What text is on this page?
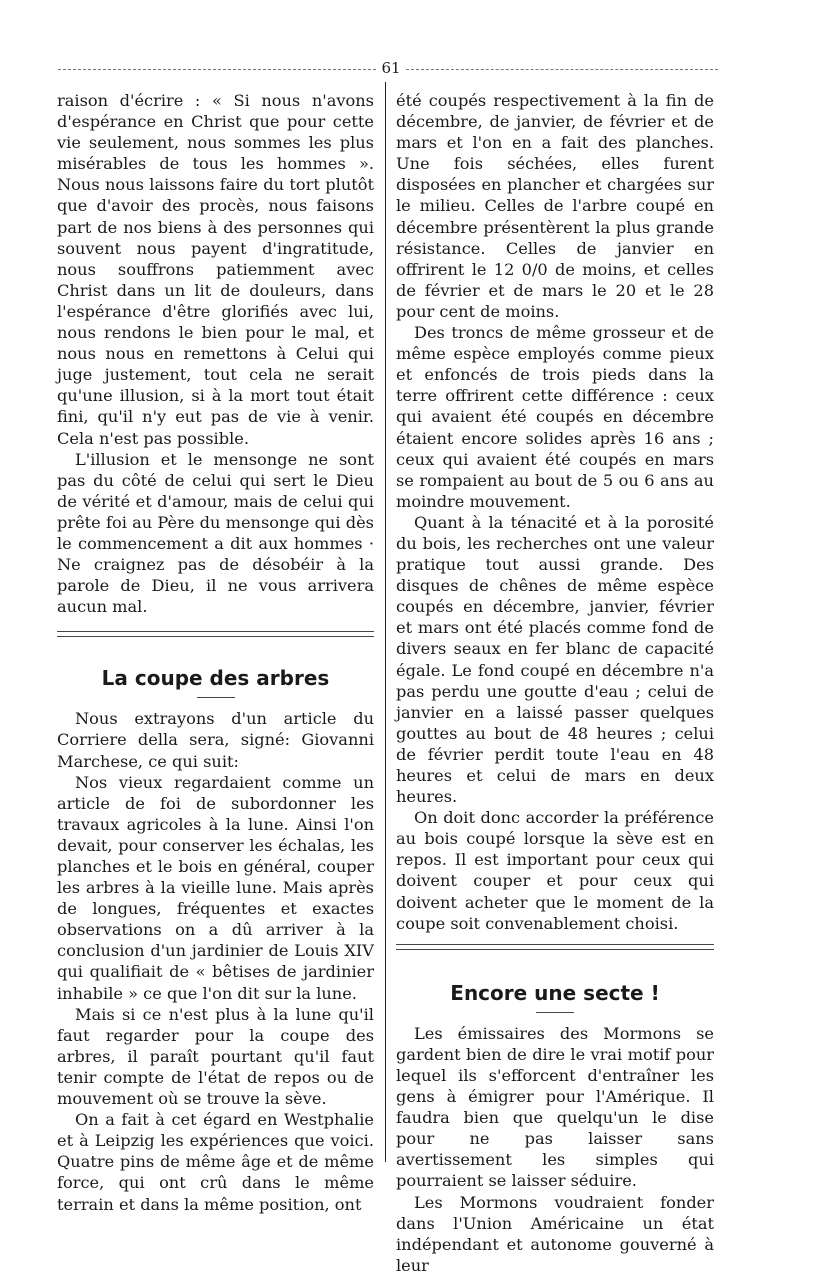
61

raison d'écrire : « Si nous n'avons d'espérance en Christ que pour cette vie seulement, nous sommes les plus misérables de tous les hommes ». Nous nous laissons faire du tort plutôt que d'avoir des procès, nous faisons part de nos biens à des personnes qui souvent nous payent d'ingratitude, nous souffrons patiemment avec Christ dans un lit de douleurs, dans l'espérance d'être glorifiés avec lui, nous rendons le bien pour le mal, et nous nous en remettons à Celui qui juge justement, tout cela ne serait qu'une illusion, si à la mort tout était fini, qu'il n'y eut pas de vie à venir. Cela n'est pas possible.

L'illusion et le mensonge ne sont pas du côté de celui qui sert le Dieu de vérité et d'amour, mais de celui qui prête foi au Père du mensonge qui dès le commencement a dit aux hommes · Ne craignez pas de désobéir à la parole de Dieu, il ne vous arrivera aucun mal.

La coupe des arbres

Nous extrayons d'un article du Corriere della sera, signé: Giovanni Marchese, ce qui suit:

Nos vieux regardaient comme un article de foi de subordonner les travaux agricoles à la lune. Ainsi l'on devait, pour conserver les échalas, les planches et le bois en général, couper les arbres à la vieille lune. Mais après de longues, fréquentes et exactes observations on a dû arriver à la conclusion d'un jardinier de Louis XIV qui qualifiait de « bêtises de jardinier inhabile » ce que l'on dit sur la lune.

Mais si ce n'est plus à la lune qu'il faut regarder pour la coupe des arbres, il paraît pourtant qu'il faut tenir compte de l'état de repos ou de mouvement où se trouve la sève.

On a fait à cet égard en Westphalie et à Leipzig les expériences que voici. Quatre pins de même âge et de même force, qui ont crû dans le même terrain et dans la même position, ont

été coupés respectivement à la fin de décembre, de janvier, de février et de mars et l'on en a fait des planches. Une fois séchées, elles furent disposées en plancher et chargées sur le milieu. Celles de l'arbre coupé en décembre présentèrent la plus grande résistance. Celles de janvier en offrirent le 12 0/0 de moins, et celles de février et de mars le 20 et le 28 pour cent de moins.

Des troncs de même grosseur et de même espèce employés comme pieux et enfoncés de trois pieds dans la terre offrirent cette différence : ceux qui avaient été coupés en décembre étaient encore solides après 16 ans ; ceux qui avaient été coupés en mars se rompaient au bout de 5 ou 6 ans au moindre mouvement.

Quant à la ténacité et à la porosité du bois, les recherches ont une valeur pratique tout aussi grande. Des disques de chênes de même espèce coupés en décembre, janvier, février et mars ont été placés comme fond de divers seaux en fer blanc de capacité égale. Le fond coupé en décembre n'a pas perdu une goutte d'eau ; celui de janvier en a laissé passer quelques gouttes au bout de 48 heures ; celui de février perdit toute l'eau en 48 heures et celui de mars en deux heures.

On doit donc accorder la préférence au bois coupé lorsque la sève est en repos. Il est important pour ceux qui doivent couper et pour ceux qui doivent acheter que le moment de la coupe soit convenablement choisi.

Encore une secte !

Les émissaires des Mormons se gardent bien de dire le vrai motif pour lequel ils s'efforcent d'entraîner les gens à émigrer pour l'Amérique. Il faudra bien que quelqu'un le dise pour ne pas laisser sans avertissement les simples qui pourraient se laisser séduire.

Les Mormons voudraient fonder dans l'Union Américaine un état indépendant et autonome gouverné à leur
